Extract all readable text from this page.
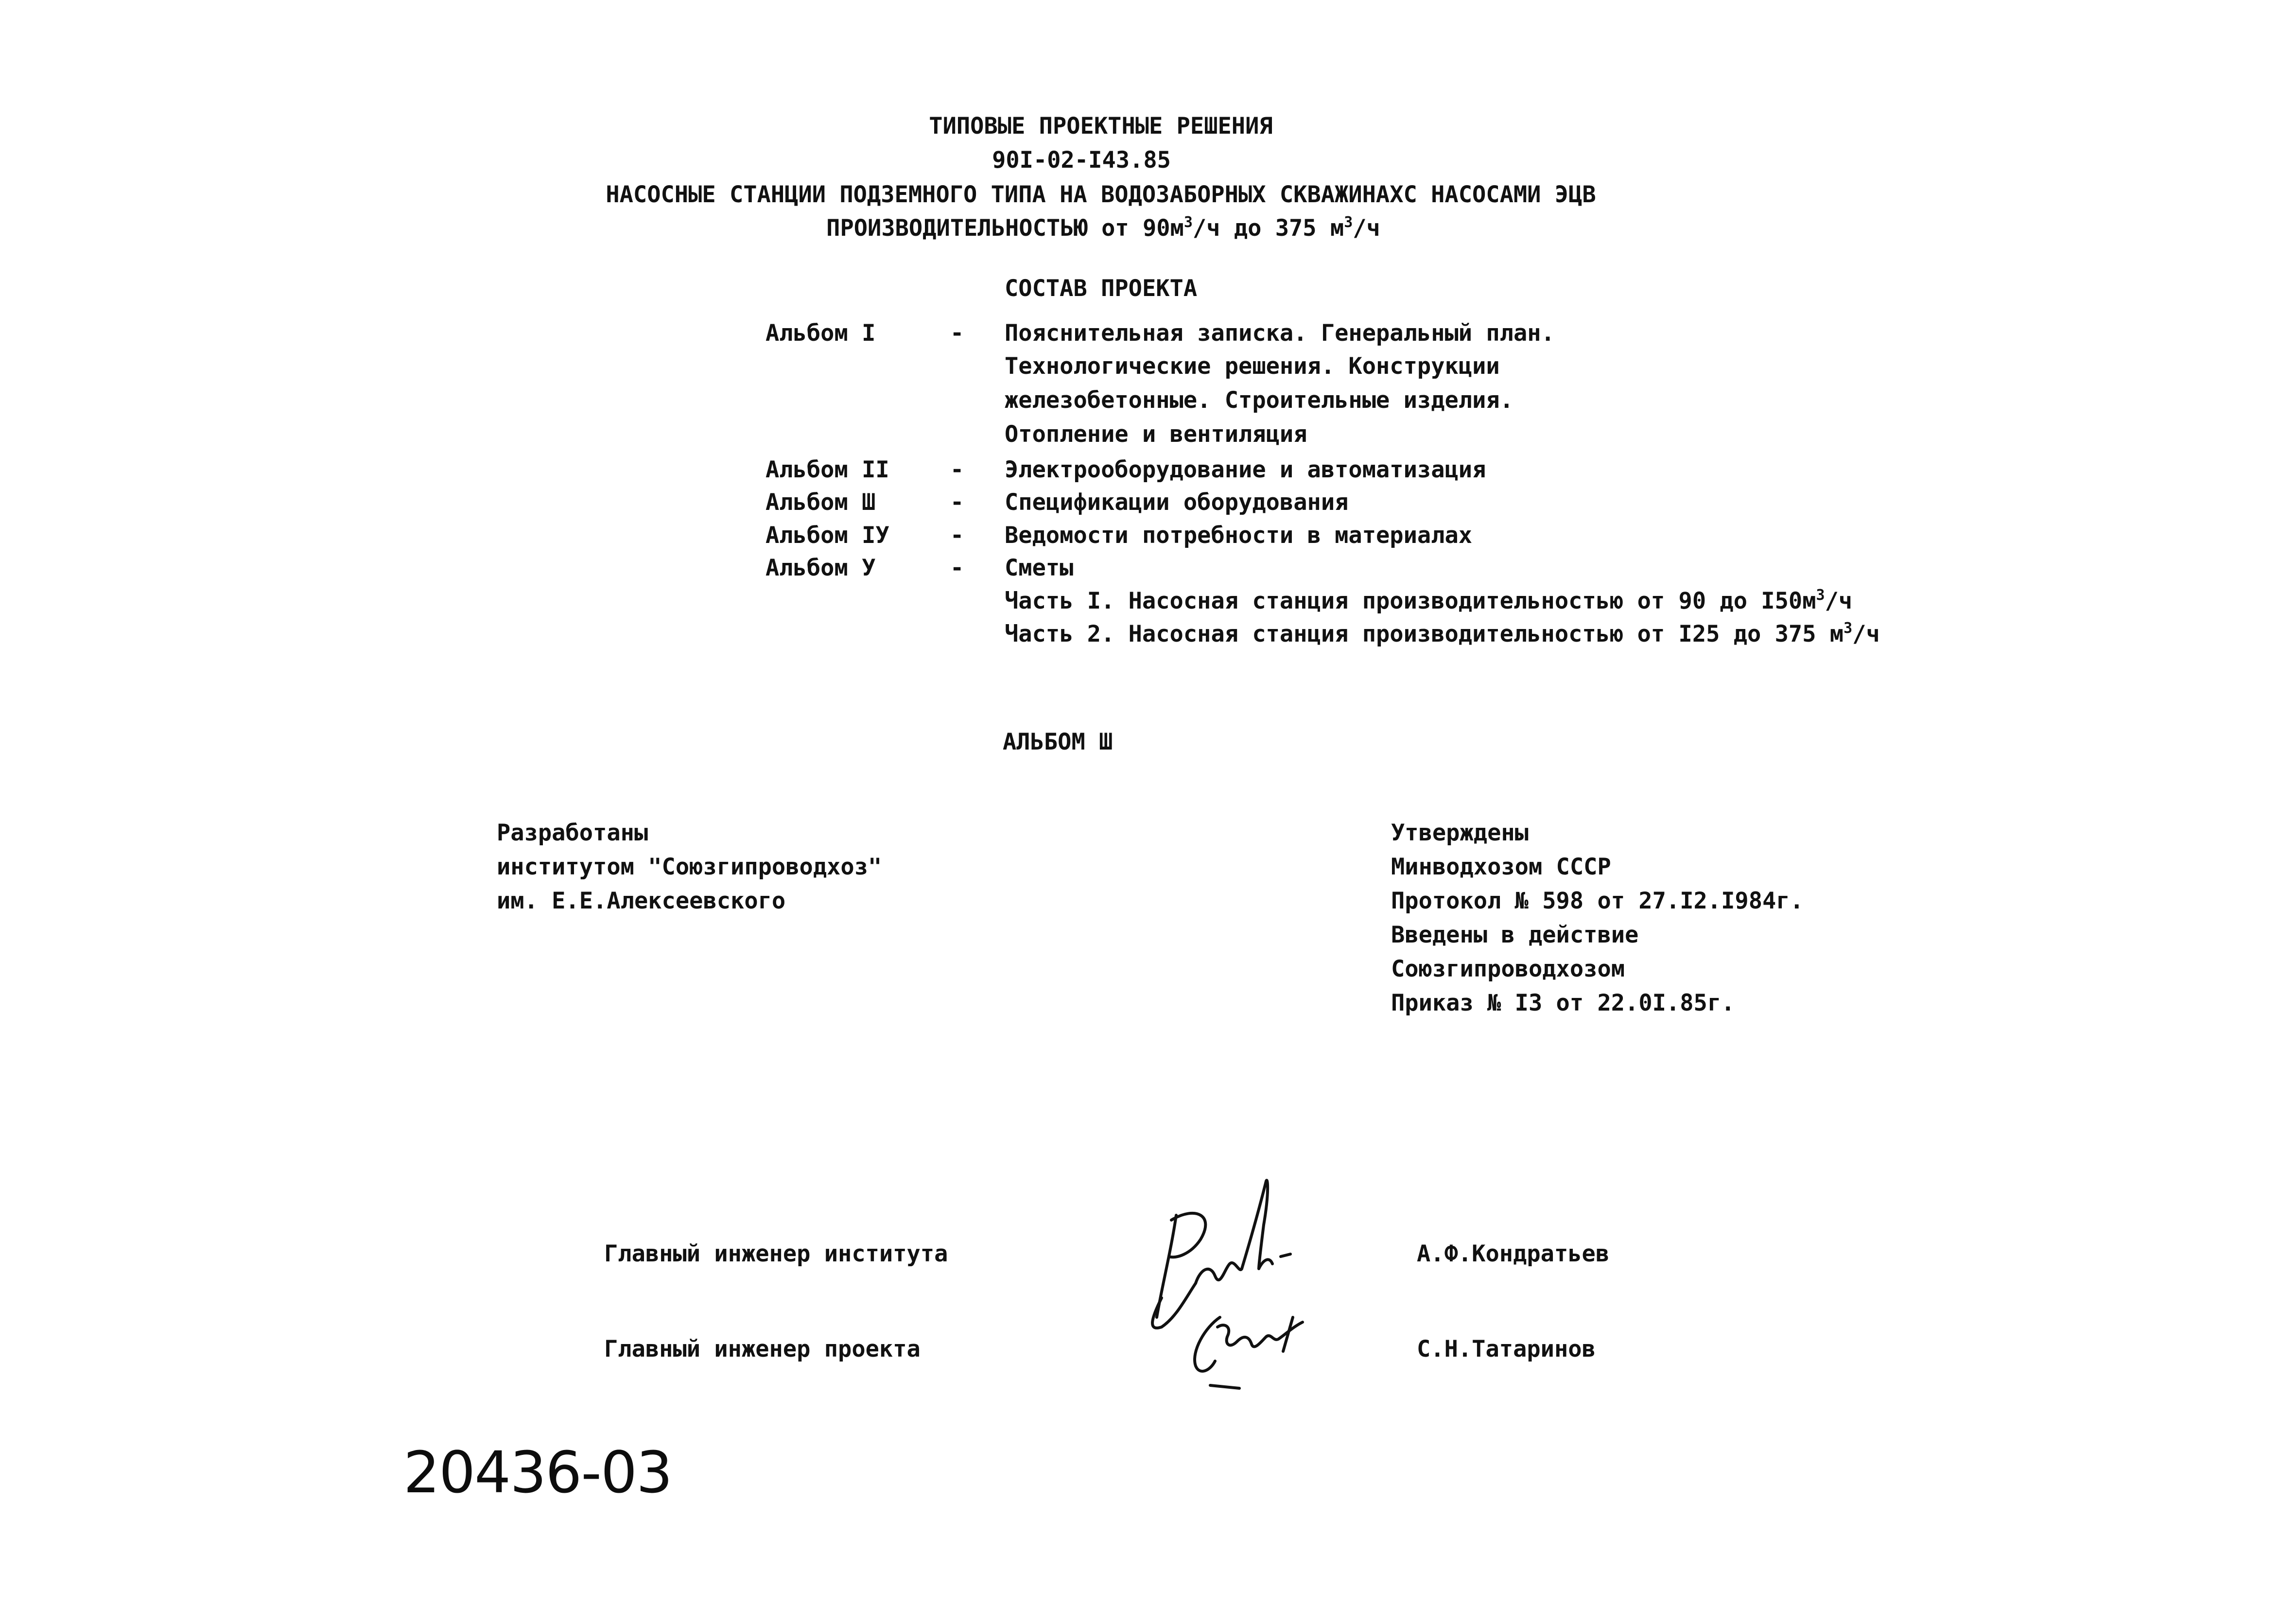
ТИПОВЫЕ ПРОЕКТНЫЕ РЕШЕНИЯ
90I-02-I43.85
НАСОСНЫЕ СТАНЦИИ ПОДЗЕМНОГО ТИПА НА ВОДОЗАБОРНЫХ СКВАЖИНАХС НАСОСАМИ ЭЦВ
ПРОИЗВОДИТЕЛЬНОСТЬЮ от $90м^3/ч$ до 375 $м^3/ч$
СОСТАВ ПРОЕКТА
Альбом I	- Пояснительная записка. Генеральный план.
Технологические решения. Конструкции
железобетонные. Строительные изделия.
Отопление и вентиляция
Альбом II	- Электрооборудование и автоматизация
Альбом Ш	- Спецификации оборудования
Альбом IУ	- Ведомости потребности в материалах
Альбом У	- Сметы
Часть I. Насосная станция производительностью от 90 до $I50м^3/ч$
Часть 2. Насосная станция производительностью от I25 до 375 $м^3/ч$
АЛЬБОМ Ш
Разработаны
институтом "Союзгипроводхоз"
им. Е.Е.Алексеевского
Утверждены
Минводхозом СССР
Протокол № 598 от 27.I2.I984г.
Введены в действие
Союзгипроводхозом
Приказ № I3 от 22.0I.85г.
Главный инженер института	А.Ф.Кондратьев
Главный инженер проекта	С.Н.Татаринов
20436-03
